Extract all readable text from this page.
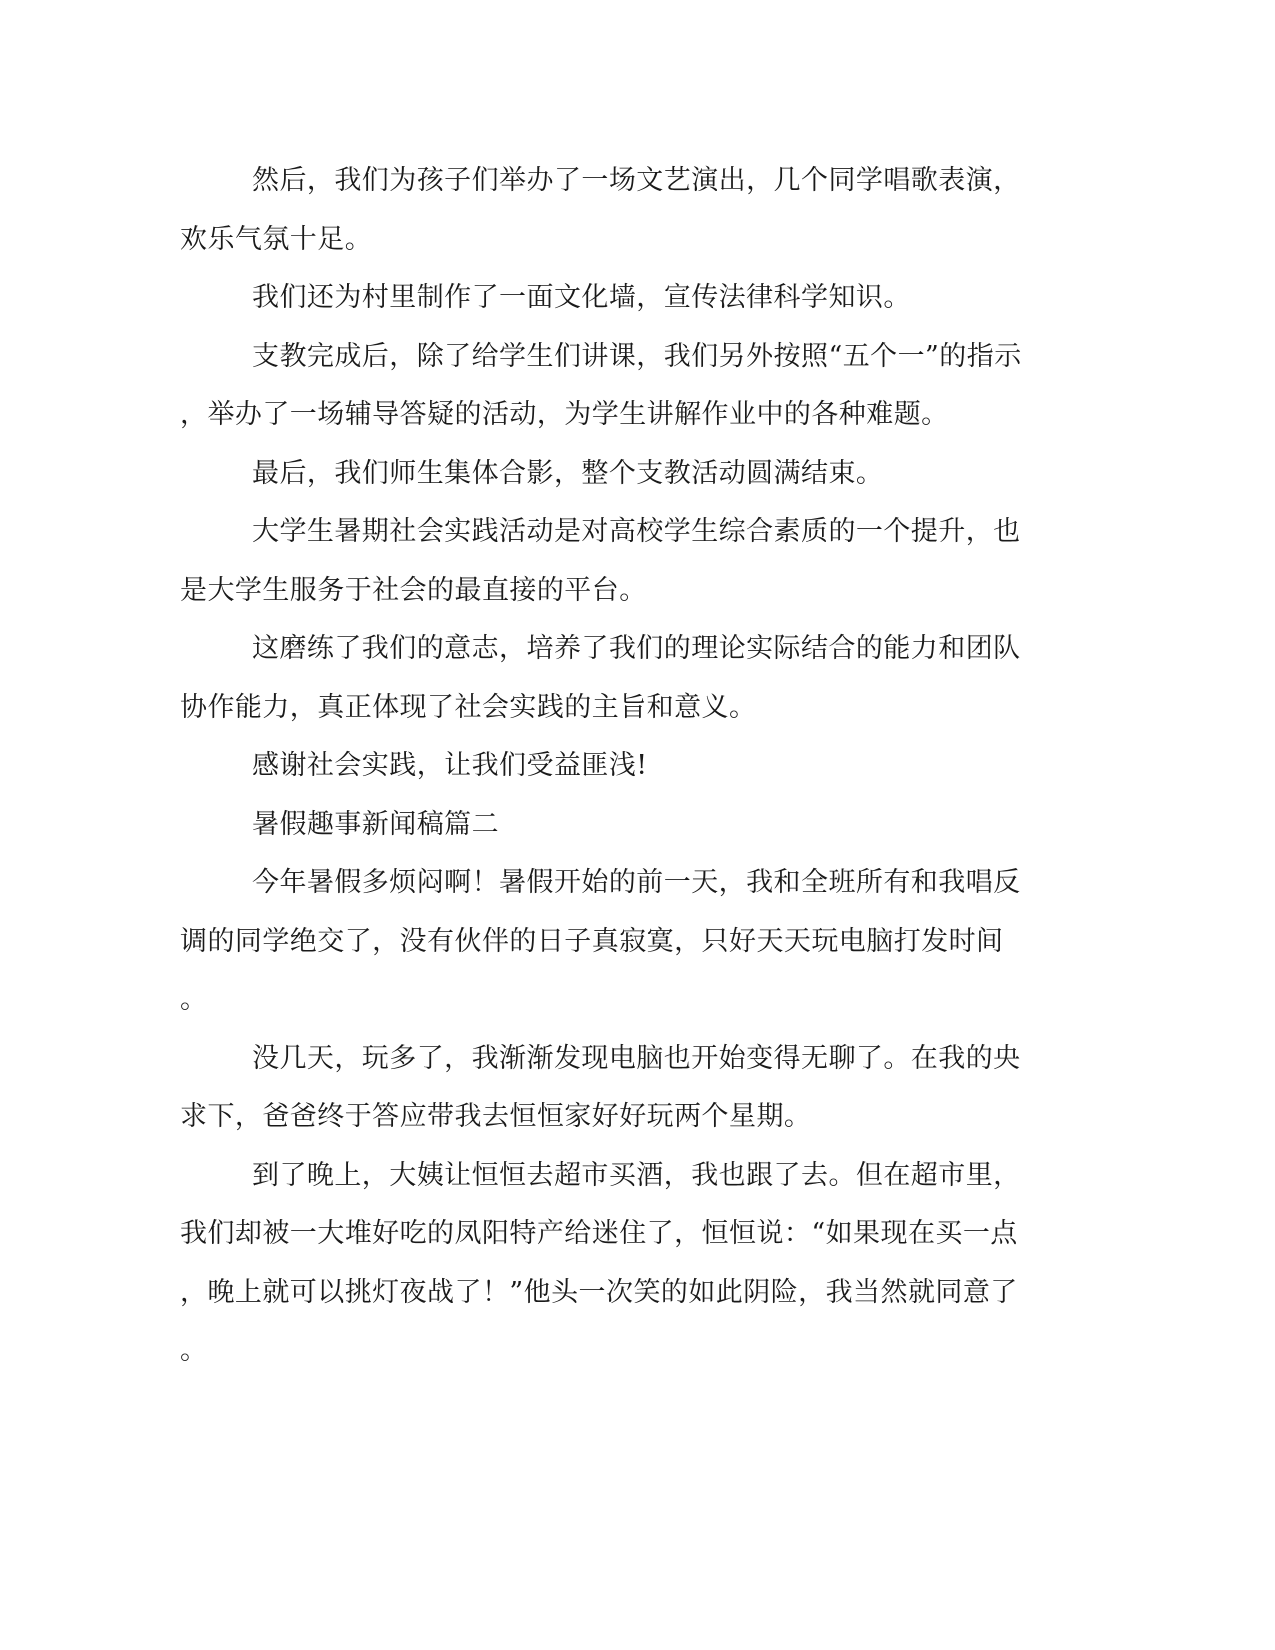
然后，我们为孩子们举办了一场文艺演出，几个同学唱歌表演，
欢乐气氛十足。
我们还为村里制作了一面文化墙，宣传法律科学知识。
支教完成后，除了给学生们讲课，我们另外按照“五个一”的指示
，举办了一场辅导答疑的活动，为学生讲解作业中的各种难题。
最后，我们师生集体合影，整个支教活动圆满结束。
大学生暑期社会实践活动是对高校学生综合素质的一个提升，也
是大学生服务于社会的最直接的平台。
这磨练了我们的意志，培养了我们的理论实际结合的能力和团队
协作能力，真正体现了社会实践的主旨和意义。
感谢社会实践，让我们受益匪浅!
暑假趣事新闻稿篇二
今年暑假多烦闷啊！暑假开始的前一天，我和全班所有和我唱反
调的同学绝交了，没有伙伴的日子真寂寞，只好天天玩电脑打发时间
。
没几天，玩多了，我渐渐发现电脑也开始变得无聊了。在我的央
求下，爸爸终于答应带我去恒恒家好好玩两个星期。
到了晚上，大姨让恒恒去超市买酒，我也跟了去。但在超市里，
我们却被一大堆好吃的凤阳特产给迷住了，恒恒说：“如果现在买一点
，晚上就可以挑灯夜战了！”他头一次笑的如此阴险，我当然就同意了
。
